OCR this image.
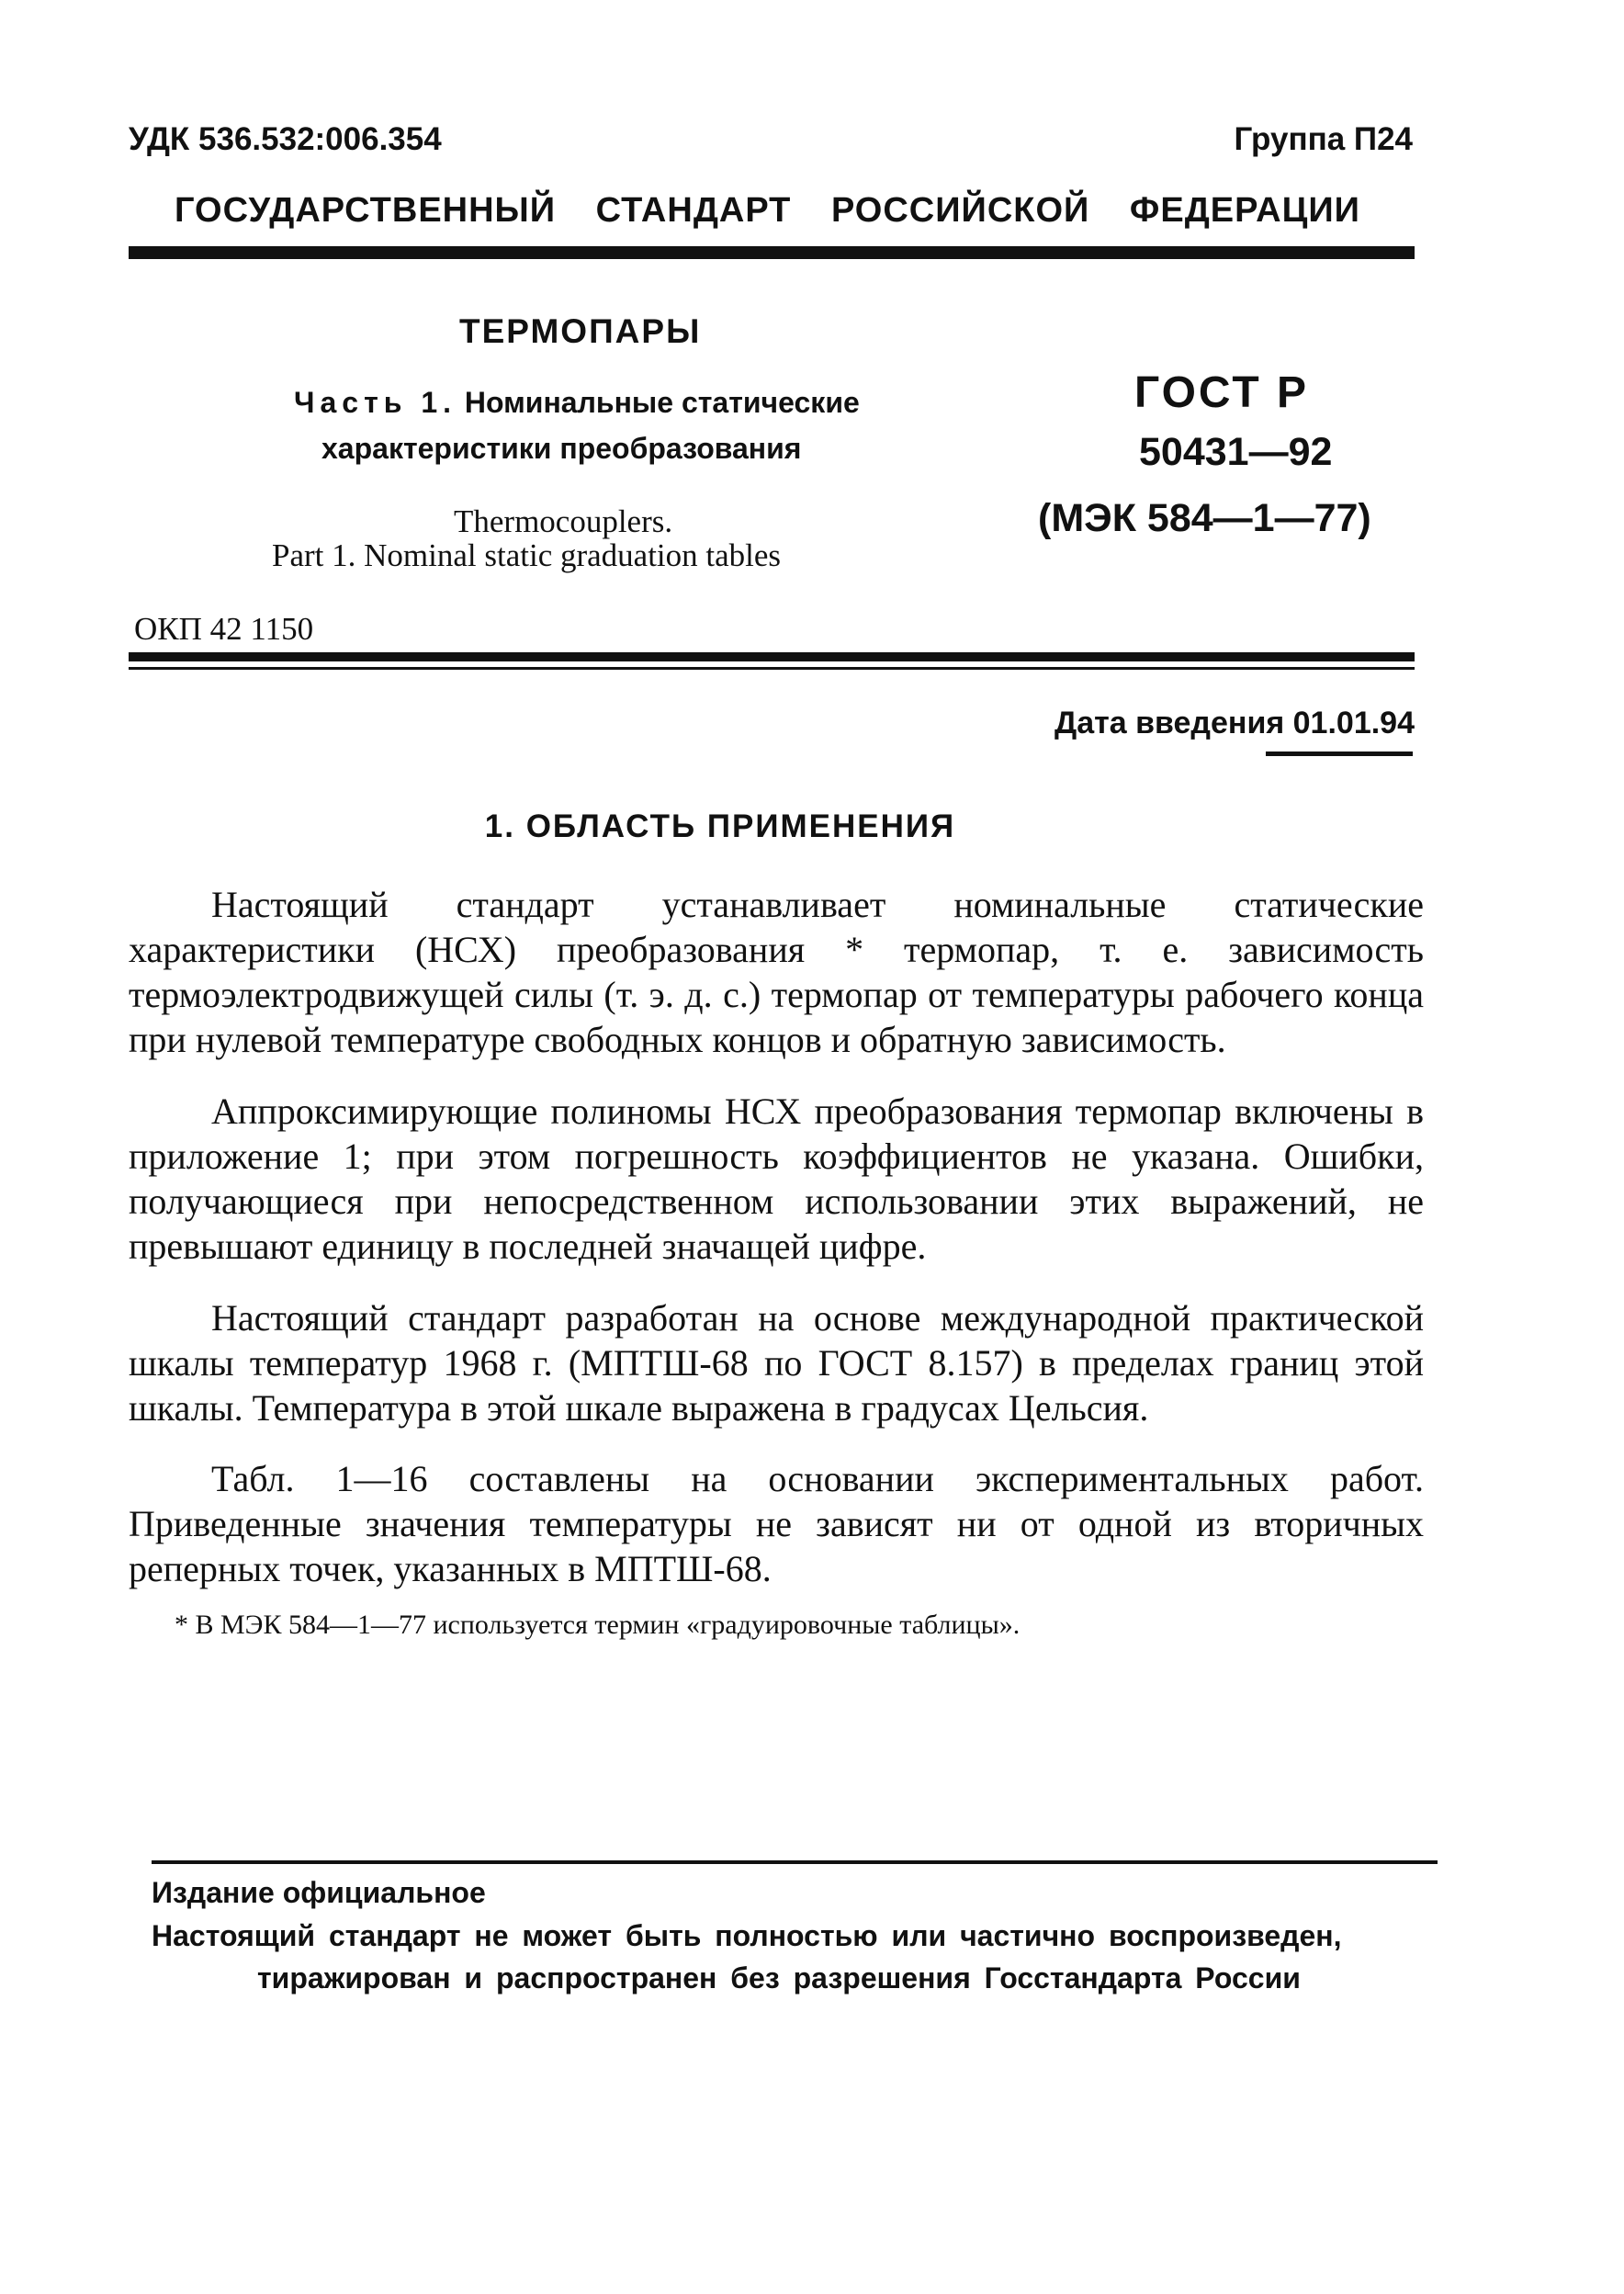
УДК 536.532:006.354	Группа П24
ГОСУДАРСТВЕННЫЙ СТАНДАРТ РОССИЙСКОЙ ФЕДЕРАЦИИ
ТЕРМОПАРЫ
Часть 1. Номинальные статические
характеристики преобразования
Thermocouplers.
Part 1. Nominal static graduation tables
ГОСТ Р
50431—92
(МЭК 584—1—77)
ОКП 42 1150
Дата введения 01.01.94
1. ОБЛАСТЬ ПРИМЕНЕНИЯ
Настоящий стандарт устанавливает номинальные статические характеристики (НСХ) преобразования * термопар, т. е. зависимость термоэлектродвижущей силы (т. э. д. с.) термопар от температуры рабочего конца при нулевой температуре свободных концов и обратную зависимость.
Аппроксимирующие полиномы НСХ преобразования термопар включены в приложение 1; при этом погрешность коэффициентов не указана. Ошибки, получающиеся при непосредственном использовании этих выражений, не превышают единицу в последней значащей цифре.
Настоящий стандарт разработан на основе международной практической шкалы температур 1968 г. (МПТШ-68 по ГОСТ 8.157) в пределах границ этой шкалы. Температура в этой шкале выражена в градусах Цельсия.
Табл. 1—16 составлены на основании экспериментальных работ. Приведенные значения температуры не зависят ни от одной из вторичных реперных точек, указанных в МПТШ-68.
* В МЭК 584—1—77 используется термин «градуировочные таблицы».
Издание официальное
Настоящий стандарт не может быть полностью или частично воспроизведен,
тиражирован и распространен без разрешения Госстандарта России
